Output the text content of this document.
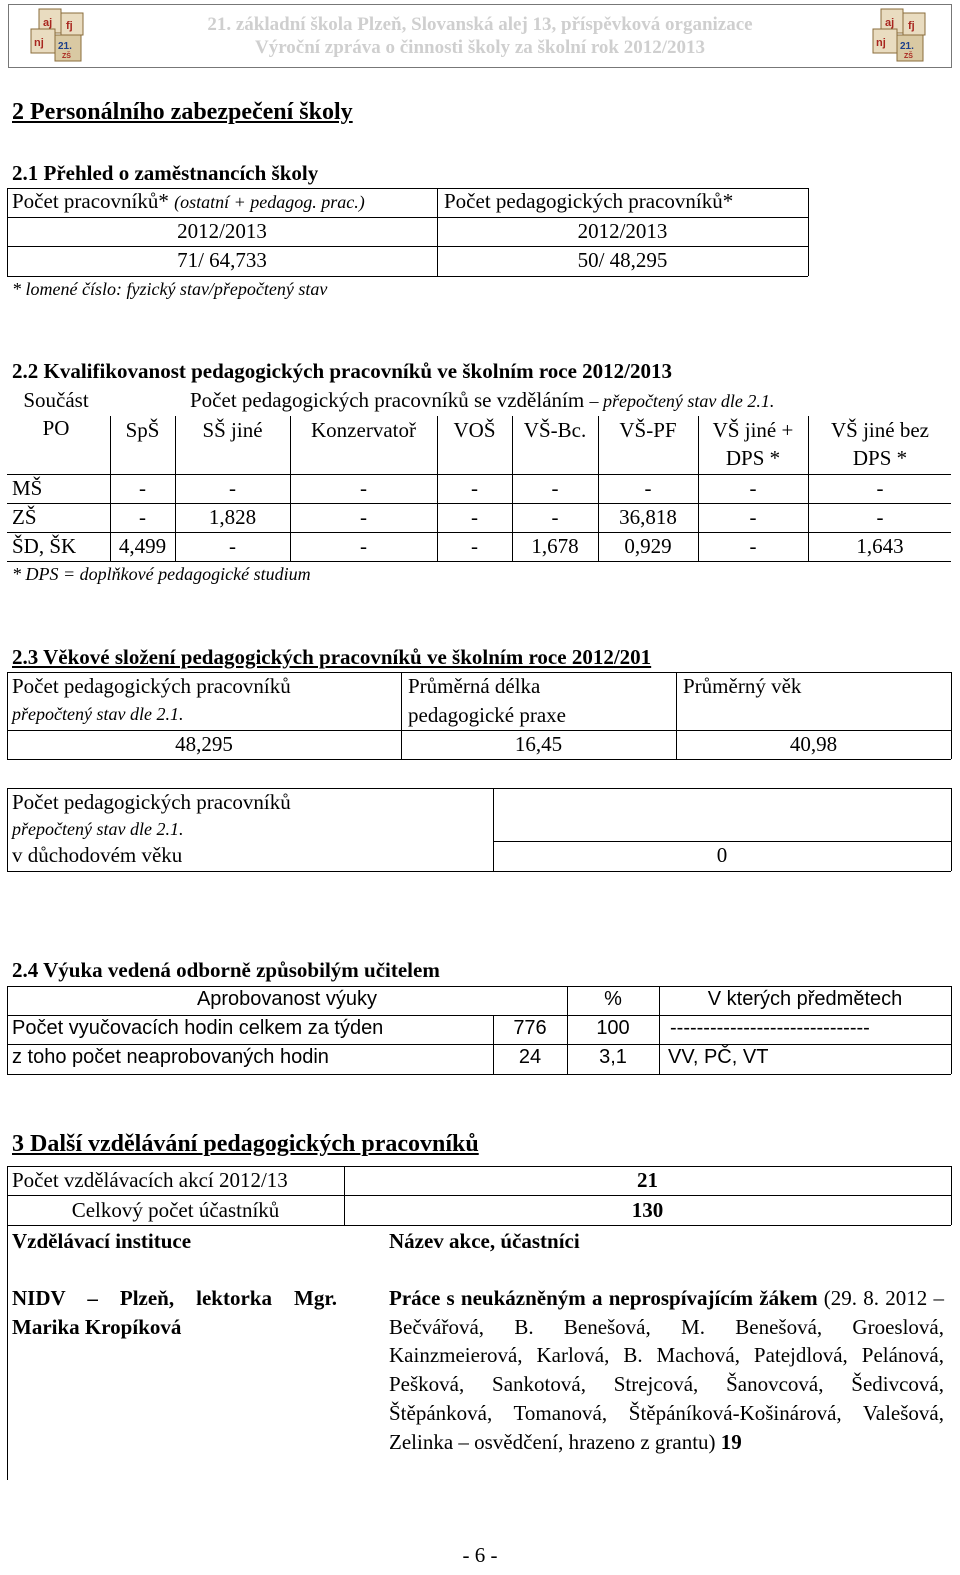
aj fj
nj 21.
ZŠ
21. základní škola Plzeň, Slovanská alej 13, příspěvková organizace
Výroční zpráva o činnosti školy za školní rok 2012/2013
aj fj
nj 21.
ZŠ
2 Personálního zabezpečení školy
2.1 Přehled o zaměstnancích školy
Počet pracovníků* (ostatní + pedagog. prac.)	Počet pedagogických pracovníků*
2012/2013	2012/2013
71/ 64,733	50/ 48,295
* lomené číslo: fyzický stav/přepočtený stav
2.2 Kvalifikovanost pedagogických pracovníků ve školním roce 2012/2013
Součást
PO
Počet pedagogických pracovníků se vzděláním – přepočtený stav dle 2.1.
SpŠ	SŠ jiné	Konzervatoř	VOŠ	VŠ-Bc.	VŠ-PF	VŠ jiné +	VŠ jiné bez
DPS *	DPS *
MŠ	-	-	-	-	-	-	-	-
ZŠ	-	1,828	-	-	-	36,818	-	-
ŠD, ŠK	4,499	-	-	-	1,678	0,929	-	1,643
* DPS = doplňkové pedagogické studium
2.3 Věkové složení pedagogických pracovníků ve školním roce 2012/201
Počet pedagogických pracovníků
přepočtený stav dle 2.1.
Průměrná délka
pedagogické praxe
Průměrný věk
48,295	16,45	40,98
Počet pedagogických pracovníků
přepočtený stav dle 2.1.
v důchodovém věku	0
2.4 Výuka vedená odborně způsobilým učitelem
Aprobovanost výuky	%	V kterých předmětech
Počet vyučovacích hodin celkem za týden	776	100	------------------------------
z toho počet neaprobovaných hodin	24	3,1	VV, PČ, VT
3 Další vzdělávání pedagogických pracovníků
Počet vzdělávacích akcí 2012/13	21
Celkový počet účastníků	130
Vzdělávací instituce	Název akce, účastníci
NIDV – Plzeň, lektorka Mgr. Marika Kropíková
Práce s neukázněným a neprospívajícím žákem (29. 8. 2012 – Bečvářová, B. Benešová, M. Benešová, Groeslová, Kainzmeierová, Karlová, B. Machová, Patejdlová, Pelánová, Pešková, Sankotová, Strejcová, Šanovcová, Šedivcová, Štěpánková, Tomanová, Štěpáníková-Košinárová, Valešová, Zelinka – osvědčení, hrazeno z grantu) 19
- 6 -
